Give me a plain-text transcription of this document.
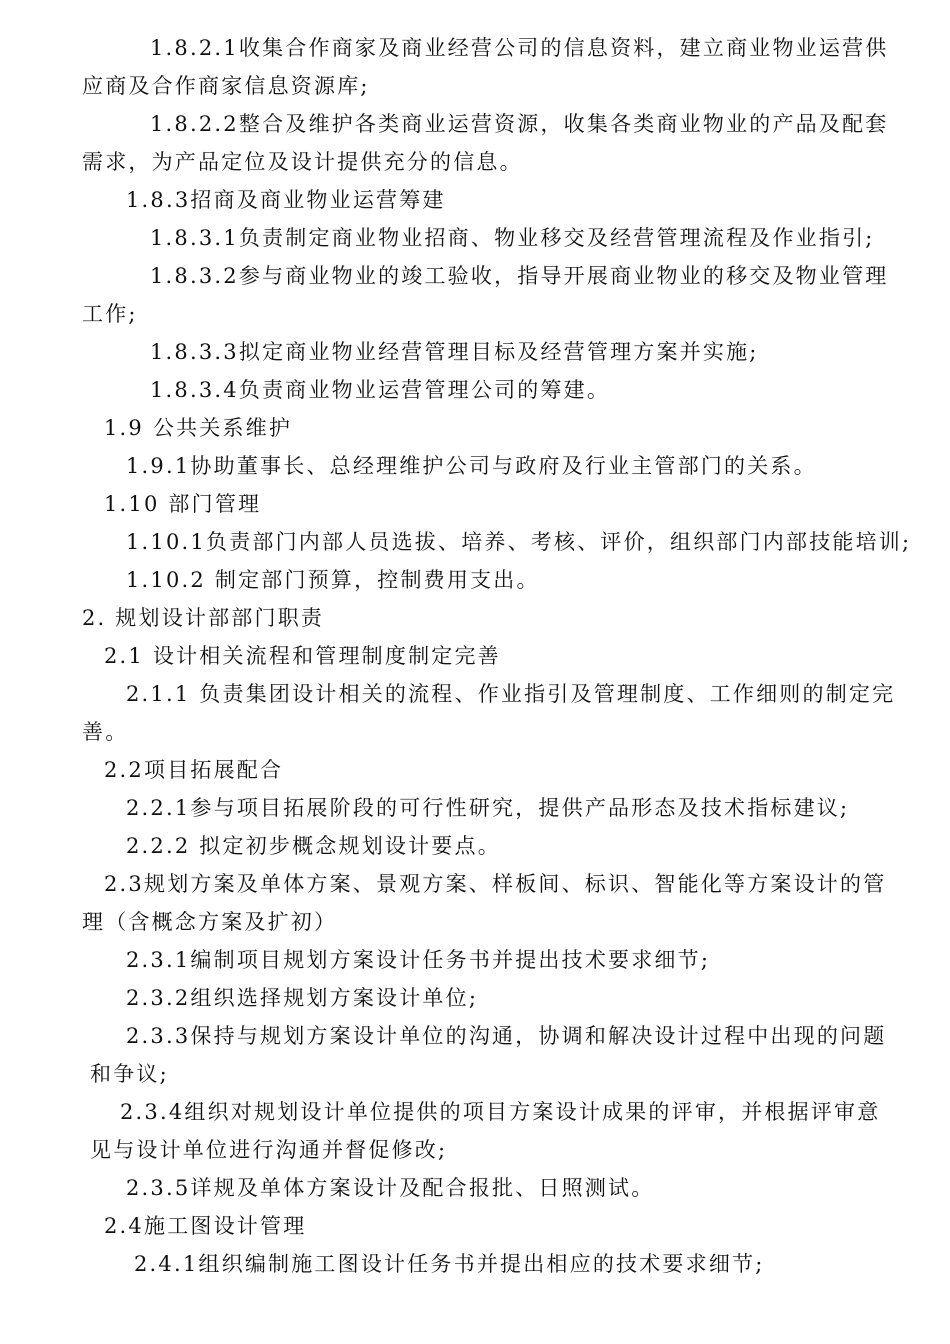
1.8.2.1收集合作商家及商业经营公司的信息资料，建立商业物业运营供
应商及合作商家信息资源库;
1.8.2.2整合及维护各类商业运营资源，收集各类商业物业的产品及配套
需求，为产品定位及设计提供充分的信息。
1.8.3招商及商业物业运营筹建
1.8.3.1负责制定商业物业招商、物业移交及经营管理流程及作业指引;
1.8.3.2参与商业物业的竣工验收，指导开展商业物业的移交及物业管理
工作;
1.8.3.3拟定商业物业经营管理目标及经营管理方案并实施;
1.8.3.4负责商业物业运营管理公司的筹建。
1.9 公共关系维护
1.9.1协助董事长、总经理维护公司与政府及行业主管部门的关系。
1.10 部门管理
1.10.1负责部门内部人员选拔、培养、考核、评价，组织部门内部技能培训;
1.10.2 制定部门预算，控制费用支出。
2. 规划设计部部门职责
2.1 设计相关流程和管理制度制定完善
2.1.1 负责集团设计相关的流程、作业指引及管理制度、工作细则的制定完
善。
2.2项目拓展配合
2.2.1参与项目拓展阶段的可行性研究，提供产品形态及技术指标建议;
2.2.2 拟定初步概念规划设计要点。
2.3规划方案及单体方案、景观方案、样板间、标识、智能化等方案设计的管
理（含概念方案及扩初）
2.3.1编制项目规划方案设计任务书并提出技术要求细节;
2.3.2组织选择规划方案设计单位;
2.3.3保持与规划方案设计单位的沟通，协调和解决设计过程中出现的问题
和争议;
2.3.4组织对规划设计单位提供的项目方案设计成果的评审，并根据评审意
见与设计单位进行沟通并督促修改;
2.3.5详规及单体方案设计及配合报批、日照测试。
2.4施工图设计管理
2.4.1组织编制施工图设计任务书并提出相应的技术要求细节;
